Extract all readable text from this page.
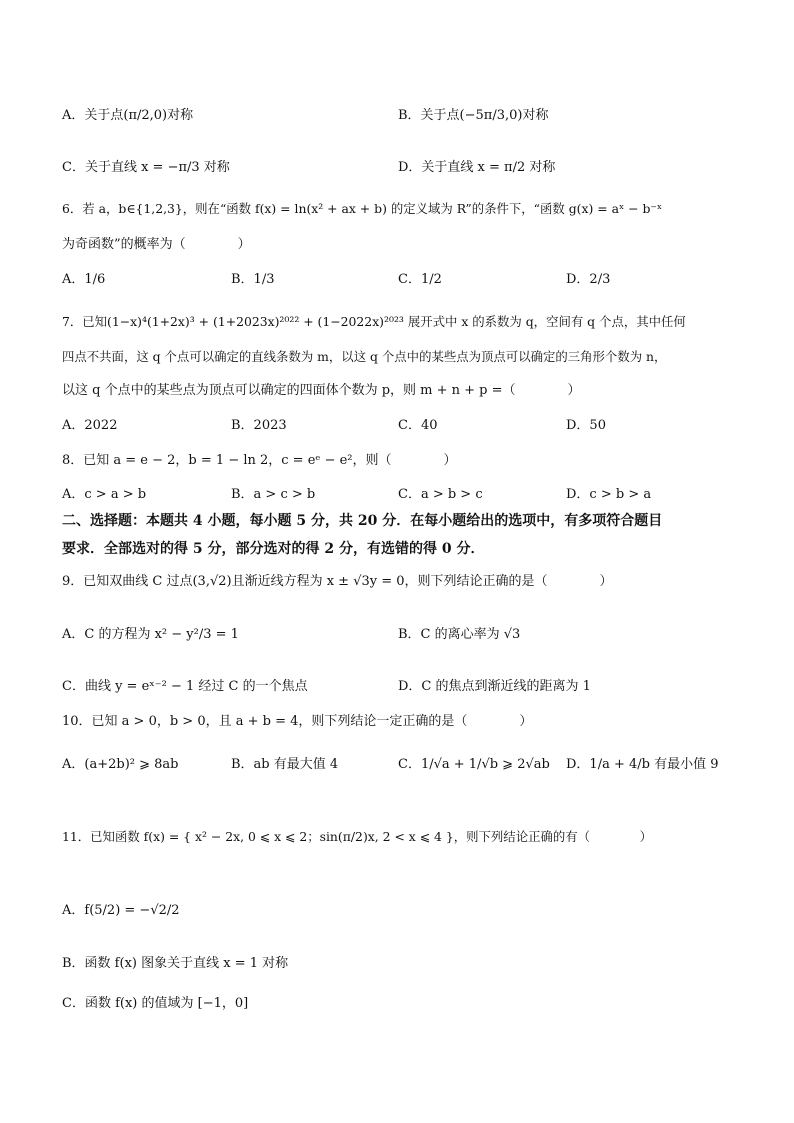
A．关于点(π/2,0)对称	B．关于点(−5π/3,0)对称
C．关于直线 x = −π/3 对称	D．关于直线 x = π/2 对称
6．若 a，b∈{1,2,3}，则在“函数 f(x) = ln(x² + ax + b) 的定义域为 R”的条件下，“函数 g(x) = aˣ − b⁻ˣ
为奇函数”的概率为（　　　　）
A．1/6	B．1/3	C．1/2	D．2/3
7．已知(1−x)⁴(1+2x)³ + (1+2023x)²⁰²² + (1−2022x)²⁰²³ 展开式中 x 的系数为 q，空间有 q 个点，其中任何
四点不共面，这 q 个点可以确定的直线条数为 m，以这 q 个点中的某些点为顶点可以确定的三角形个数为 n，
以这 q 个点中的某些点为顶点可以确定的四面体个数为 p，则 m + n + p =（　　　　）
A．2022	B．2023	C．40	D．50
8．已知 a = e − 2，b = 1 − ln 2，c = eᵉ − e²，则（　　　　）
A．c > a > b	B．a > c > b	C．a > b > c	D．c > b > a
二、选择题：本题共 4 小题，每小题 5 分，共 20 分．在每小题给出的选项中，有多项符合题目
要求．全部选对的得 5 分，部分选对的得 2 分，有选错的得 0 分．
9．已知双曲线 C 过点(3,√2)且渐近线方程为 x ± √3y = 0，则下列结论正确的是（　　　　）
A．C 的方程为 x² − y²/3 = 1	B．C 的离心率为 √3
C．曲线 y = eˣ⁻² − 1 经过 C 的一个焦点	D．C 的焦点到渐近线的距离为 1
10．已知 a > 0，b > 0，且 a + b = 4，则下列结论一定正确的是（　　　　）
A．(a+2b)² ⩾ 8ab	B．ab 有最大值 4	C．1/√a + 1/√b ⩾ 2√ab D．1/a + 4/b 有最小值 9
11．已知函数 f(x) = { x² − 2x, 0 ⩽ x ⩽ 2；sin(π/2)x, 2 < x ⩽ 4 }，则下列结论正确的有（　　　　）
A．f(5/2) = −√2/2
B．函数 f(x) 图象关于直线 x = 1 对称
C．函数 f(x) 的值域为 [−1，0]
